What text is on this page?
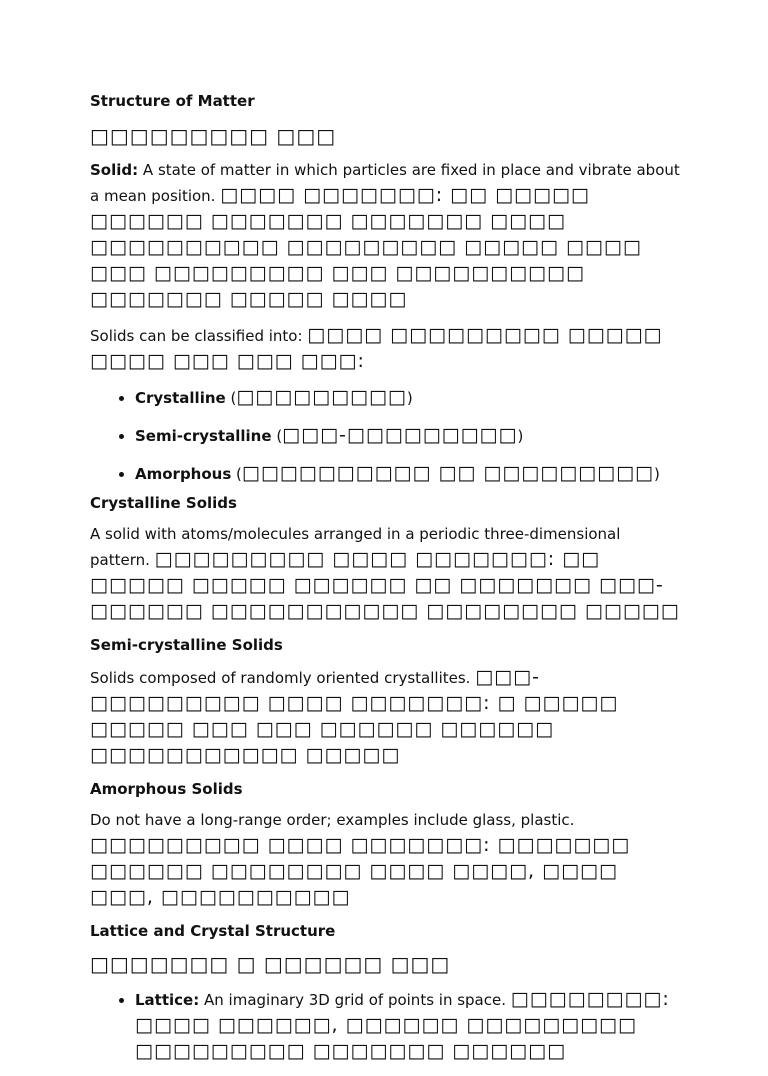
Structure of Matter
□□□□□□□□□ □□□

Solid: A state of matter in which particles are fixed in place and vibrate about a mean position. □□□□ □□□□□□□: □□ □□□□□ □□□□□□ □□□□□□□ □□□□□□□ □□□□ □□□□□□□□□□ □□□□□□□□□ □□□□□ □□□□ □□□ □□□□□□□□□ □□□ □□□□□□□□□□ □□□□□□□ □□□□□ □□□□

Solids can be classified into: □□□□ □□□□□□□□□ □□□□□ □□□□ □□□ □□□ □□□:

• Crystalline (□□□□□□□□□)
• Semi-crystalline (□□□-□□□□□□□□□)
• Amorphous (□□□□□□□□□□ □□ □□□□□□□□□)
Crystalline Solids

A solid with atoms/molecules arranged in a periodic three-dimensional pattern. □□□□□□□□□ □□□□ □□□□□□□: □□ □□□□□ □□□□□ □□□□□□ □□ □□□□□□□ □□□-□□□□□□ □□□□□□□□□□□ □□□□□□□□ □□□□□

Semi-crystalline Solids

Solids composed of randomly oriented crystallites. □□□-□□□□□□□□□ □□□□ □□□□□□□: □ □□□□□ □□□□□ □□□ □□□ □□□□□□ □□□□□□ □□□□□□□□□□□ □□□□□

Amorphous Solids

Do not have a long-range order; examples include glass, plastic. □□□□□□□□□ □□□□ □□□□□□□: □□□□□□□ □□□□□□ □□□□□□□□ □□□□ □□□□, □□□□ □□□, □□□□□□□□□□

Lattice and Crystal Structure
□□□□□□□ □ □□□□□□ □□□
• Lattice: An imaginary 3D grid of points in space. □□□□□□□□: □□□□ □□□□□□, □□□□□□ □□□□□□□□□ □□□□□□□□□ □□□□□□□ □□□□□□
